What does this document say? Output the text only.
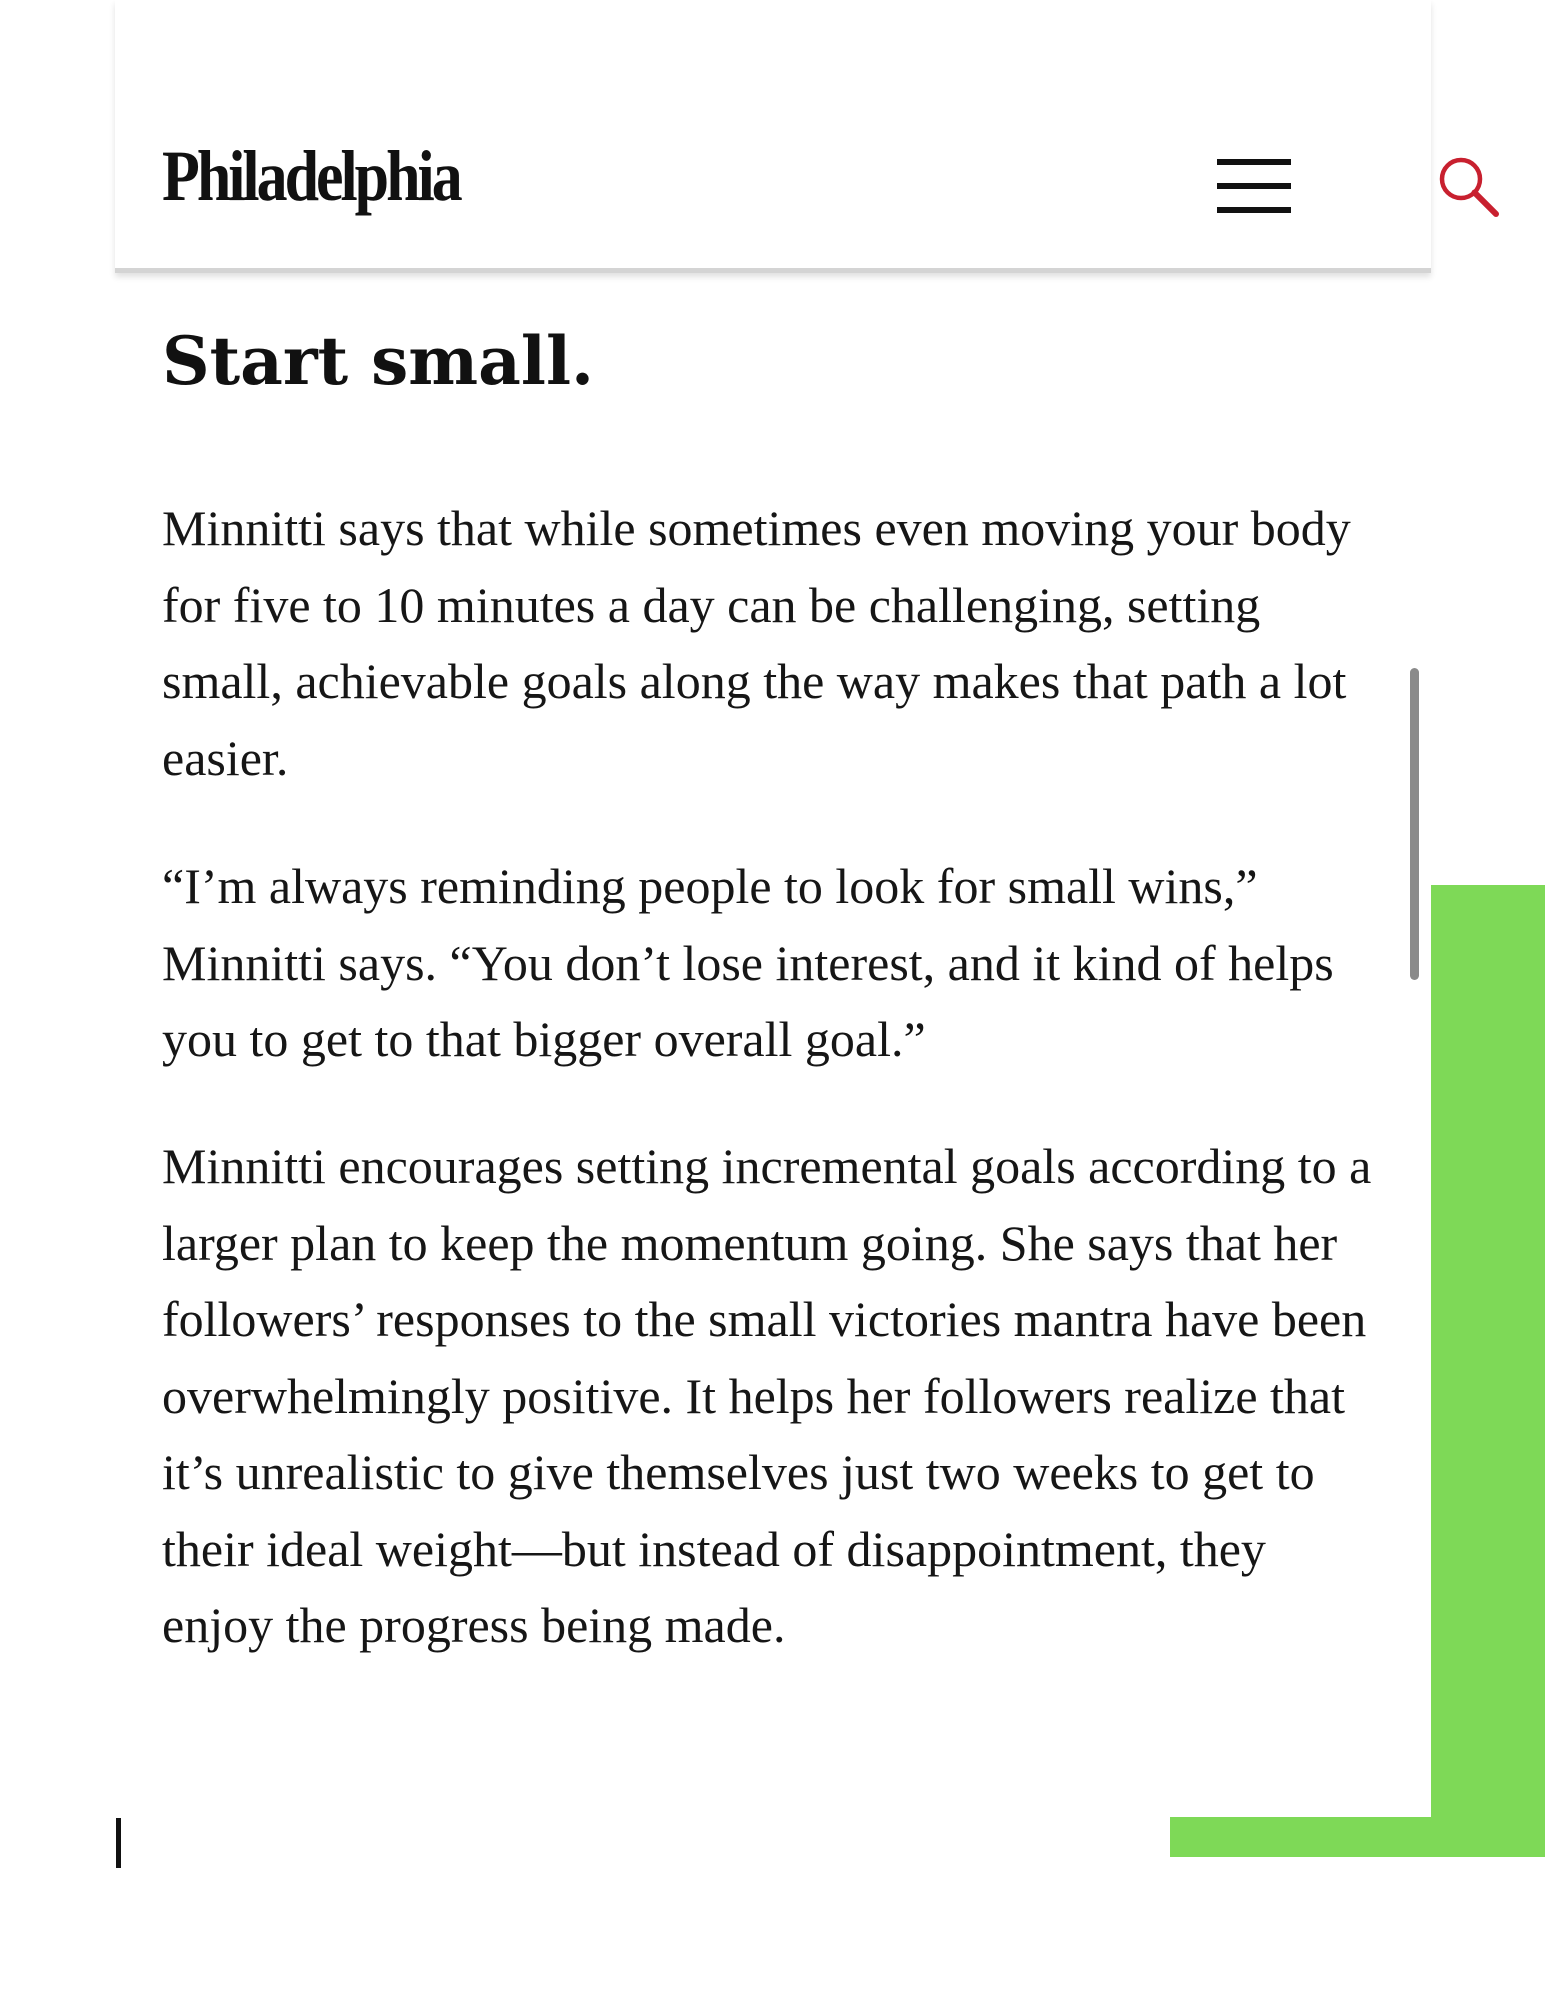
Philadelphia
Start small.

Minnitti says that while sometimes even moving your body for five to 10 minutes a day can be challenging, setting small, achievable goals along the way makes that path a lot easier.

“I’m always reminding people to look for small wins,” Minnitti says. “You don’t lose interest, and it kind of helps you to get to that bigger overall goal.”

Minnitti encourages setting incremental goals according to a larger plan to keep the momentum going. She says that her followers’ responses to the small victories mantra have been overwhelmingly positive. It helps her followers realize that it’s unrealistic to give themselves just two weeks to get to their ideal weight—but instead of disappointment, they enjoy the progress being made.
